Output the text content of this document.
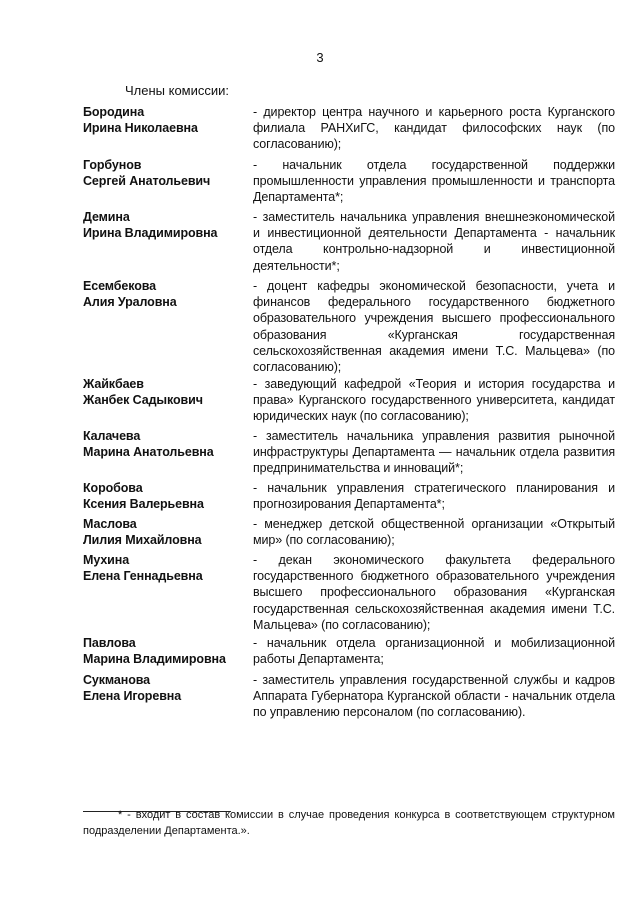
3
Члены комиссии:
Бородина
Ирина Николаевна
- директор центра научного и карьерного роста Курганского филиала РАНХиГС, кандидат философских наук (по согласованию);
Горбунов
Сергей Анатольевич
- начальник отдела государственной поддержки промышленности управления промышленности и транспорта Департамента*;
Демина
Ирина Владимировна
- заместитель начальника управления внешнеэкономической и инвестиционной деятельности Департамента - начальник отдела контрольно-надзорной и инвестиционной деятельности*;
Есембекова
Алия Ураловна
- доцент кафедры экономической безопасности, учета и финансов федерального государственного бюджетного образовательного учреждения высшего профессионального образования «Курганская государственная сельскохозяйственная академия имени Т.С. Мальцева» (по согласованию);
Жайкбаев
Жанбек Садыкович
- заведующий кафедрой «Теория и история государства и права» Курганского государственного университета, кандидат юридических наук (по согласованию);
Калачева
Марина Анатольевна
- заместитель начальника управления развития рыночной инфраструктуры Департамента — начальник отдела развития предпринимательства и инноваций*;
Коробова
Ксения Валерьевна
- начальник управления стратегического планирования и прогнозирования Департамента*;
Маслова
Лилия Михайловна
- менеджер детской общественной организации «Открытый мир» (по согласованию);
Мухина
Елена Геннадьевна
- декан экономического факультета федерального государственного бюджетного образовательного учреждения высшего профессионального образования «Курганская государственная сельскохозяйственная академия имени Т.С. Мальцева» (по согласованию);
Павлова
Марина Владимировна
- начальник отдела организационной и мобилизационной работы Департамента;
Сукманова
Елена Игоревна
- заместитель управления государственной службы и кадров Аппарата Губернатора Курганской области - начальник отдела по управлению персоналом (по согласованию).
* - входит в состав комиссии в случае проведения конкурса в соответствующем структурном подразделении Департамента.».
